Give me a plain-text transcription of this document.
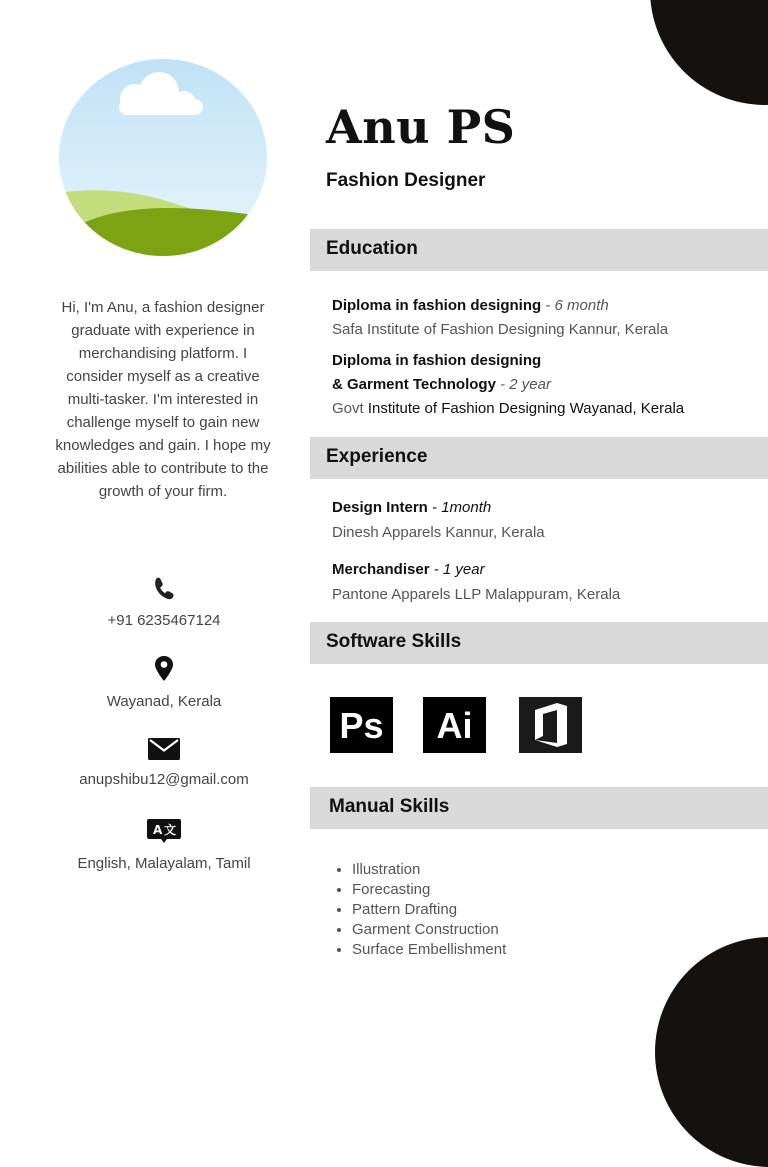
Hi, I'm Anu, a fashion designer graduate with experience in merchandising platform. I consider myself as a creative multi-tasker. I'm interested in challenge myself to gain new knowledges and gain. I hope my abilities able to contribute to the growth of your firm.
+91 6235467124
Wayanad, Kerala
anupshibu12@gmail.com
A 文
English, Malayalam, Tamil
Anu PS
Fashion Designer
Education
Diploma in fashion designing - 6 month
Safa Institute of Fashion Designing Kannur, Kerala
Diploma in fashion designing
& Garment Technology - 2 year
Govt Institute of Fashion Designing Wayanad, Kerala
Experience
Design Intern - 1month
Dinesh Apparels Kannur, Kerala
Merchandiser - 1 year
Pantone Apparels LLP Malappuram, Kerala
Software Skills
Ps Ai
Manual Skills
• Illustration
• Forecasting
• Pattern Drafting
• Garment Construction
• Surface Embellishment
